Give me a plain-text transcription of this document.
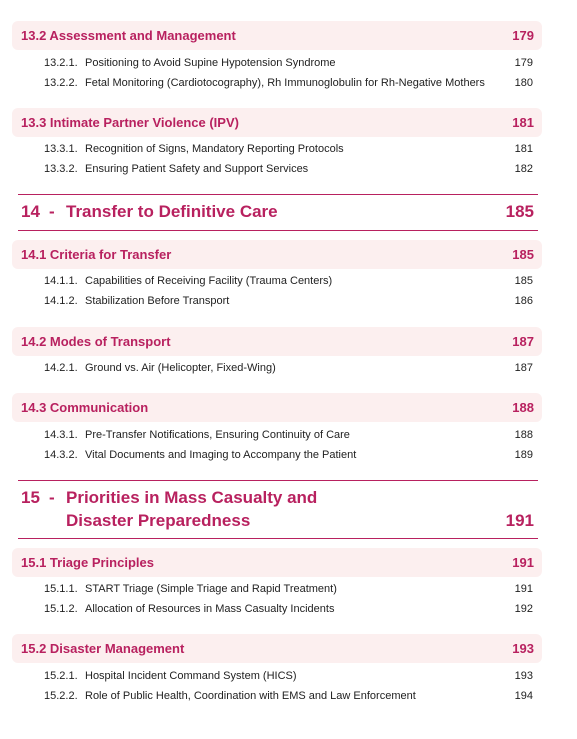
13.2 Assessment and Management	179
13.2.1. Positioning to Avoid Supine Hypotension Syndrome	179
13.2.2. Fetal Monitoring (Cardiotocography), Rh Immunoglobulin for Rh-Negative Mothers	180
13.3 Intimate Partner Violence (IPV)	181
13.3.1. Recognition of Signs, Mandatory Reporting Protocols	181
13.3.2. Ensuring Patient Safety and Support Services	182
14 - Transfer to Definitive Care	185
14.1 Criteria for Transfer	185
14.1.1. Capabilities of Receiving Facility (Trauma Centers)	185
14.1.2. Stabilization Before Transport	186
14.2 Modes of Transport	187
14.2.1. Ground vs. Air (Helicopter, Fixed-Wing)	187
14.3 Communication	188
14.3.1. Pre-Transfer Notifications, Ensuring Continuity of Care	188
14.3.2. Vital Documents and Imaging to Accompany the Patient	189
15 - Priorities in Mass Casualty and
Disaster Preparedness	191
15.1 Triage Principles	191
15.1.1. START Triage (Simple Triage and Rapid Treatment)	191
15.1.2. Allocation of Resources in Mass Casualty Incidents	192
15.2 Disaster Management	193
15.2.1. Hospital Incident Command System (HICS)	193
15.2.2. Role of Public Health, Coordination with EMS and Law Enforcement	194
